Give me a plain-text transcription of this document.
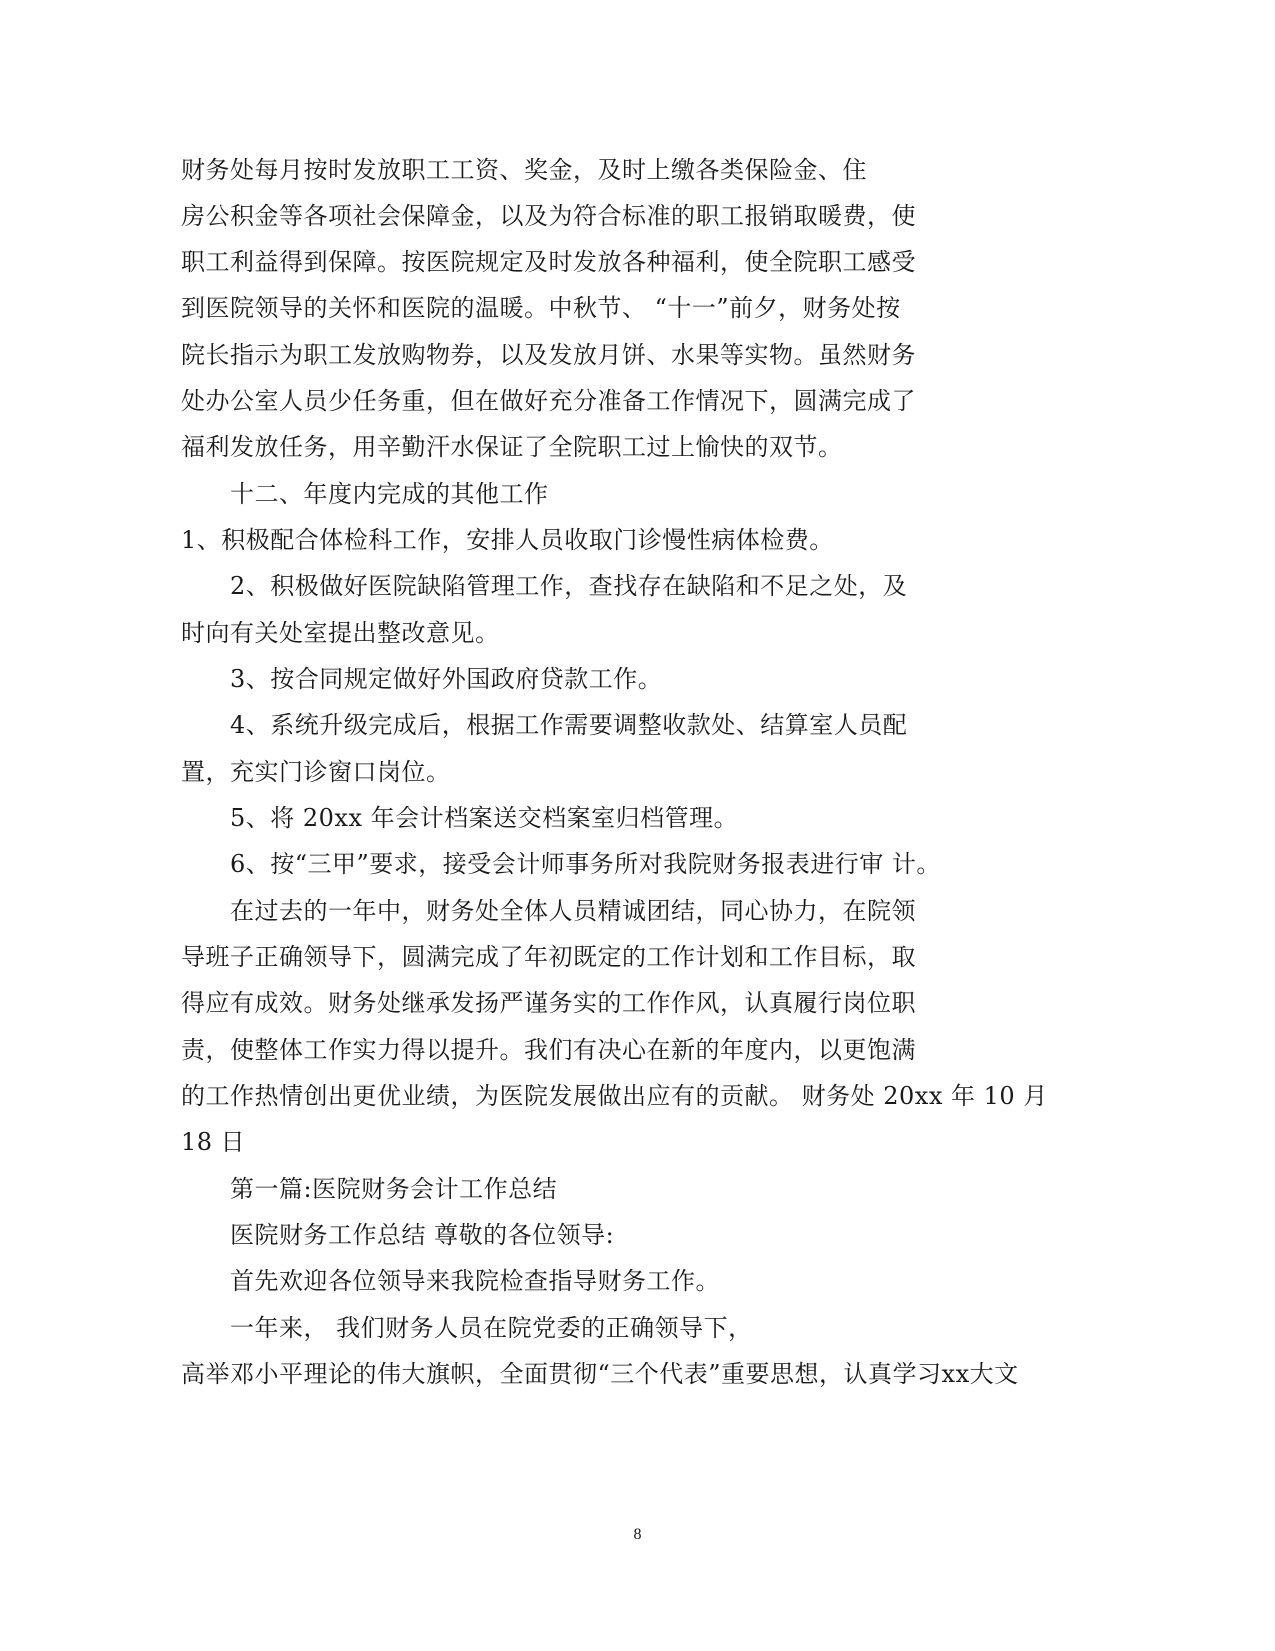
财务处每月按时发放职工工资、奖金，及时上缴各类保险金、住
房公积金等各项社会保障金，以及为符合标准的职工报销取暖费，使
职工利益得到保障。按医院规定及时发放各种福利，使全院职工感受
到医院领导的关怀和医院的温暖。中秋节、 “十一”前夕，财务处按
院长指示为职工发放购物券，以及发放月饼、水果等实物。虽然财务
处办公室人员少任务重，但在做好充分准备工作情况下，圆满完成了
福利发放任务，用辛勤汗水保证了全院职工过上愉快的双节。
十二、年度内完成的其他工作
1、积极配合体检科工作，安排人员收取门诊慢性病体检费。
2、积极做好医院缺陷管理工作，查找存在缺陷和不足之处，及
时向有关处室提出整改意见。
3、按合同规定做好外国政府贷款工作。
4、系统升级完成后，根据工作需要调整收款处、结算室人员配
置，充实门诊窗口岗位。
5、将 20xx 年会计档案送交档案室归档管理。
6、按“三甲”要求，接受会计师事务所对我院财务报表进行审 计。
在过去的一年中，财务处全体人员精诚团结，同心协力，在院领
导班子正确领导下，圆满完成了年初既定的工作计划和工作目标，取
得应有成效。财务处继承发扬严谨务实的工作作风，认真履行岗位职
责，使整体工作实力得以提升。我们有决心在新的年度内，以更饱满
的工作热情创出更优业绩，为医院发展做出应有的贡献。 财务处 20xx 年 10 月
18 日
第一篇:医院财务会计工作总结
医院财务工作总结 尊敬的各位领导:
首先欢迎各位领导来我院检查指导财务工作。
一年来， 我们财务人员在院党委的正确领导下，
高举邓小平理论的伟大旗帜，全面贯彻“三个代表”重要思想，认真学习xx大文
8
